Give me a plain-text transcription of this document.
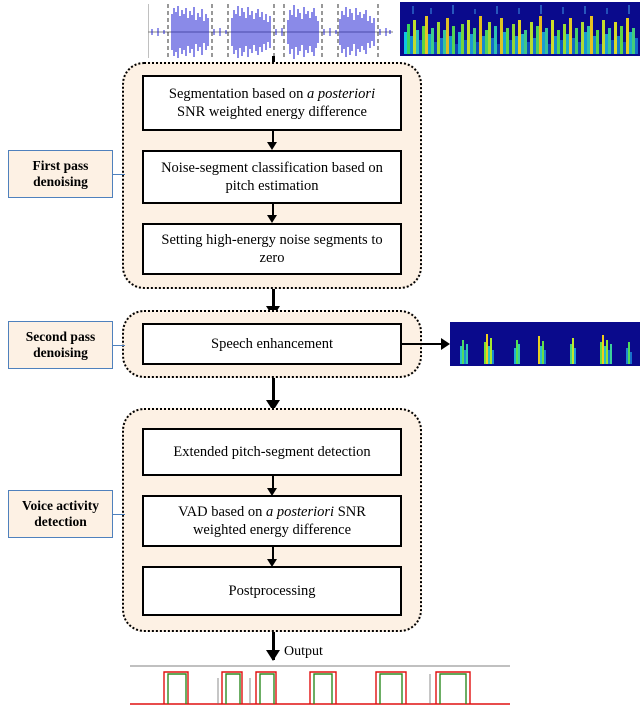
Segmentation based on a posteriori
SNR weighted energy difference
Noise-segment classification based on
pitch estimation
Setting high-energy noise segments to
zero
First pass denoising
Speech enhancement
Second pass denoising
Extended pitch-segment detection
VAD based on a posteriori SNR
weighted energy difference
Postprocessing
Voice activity detection
Output
